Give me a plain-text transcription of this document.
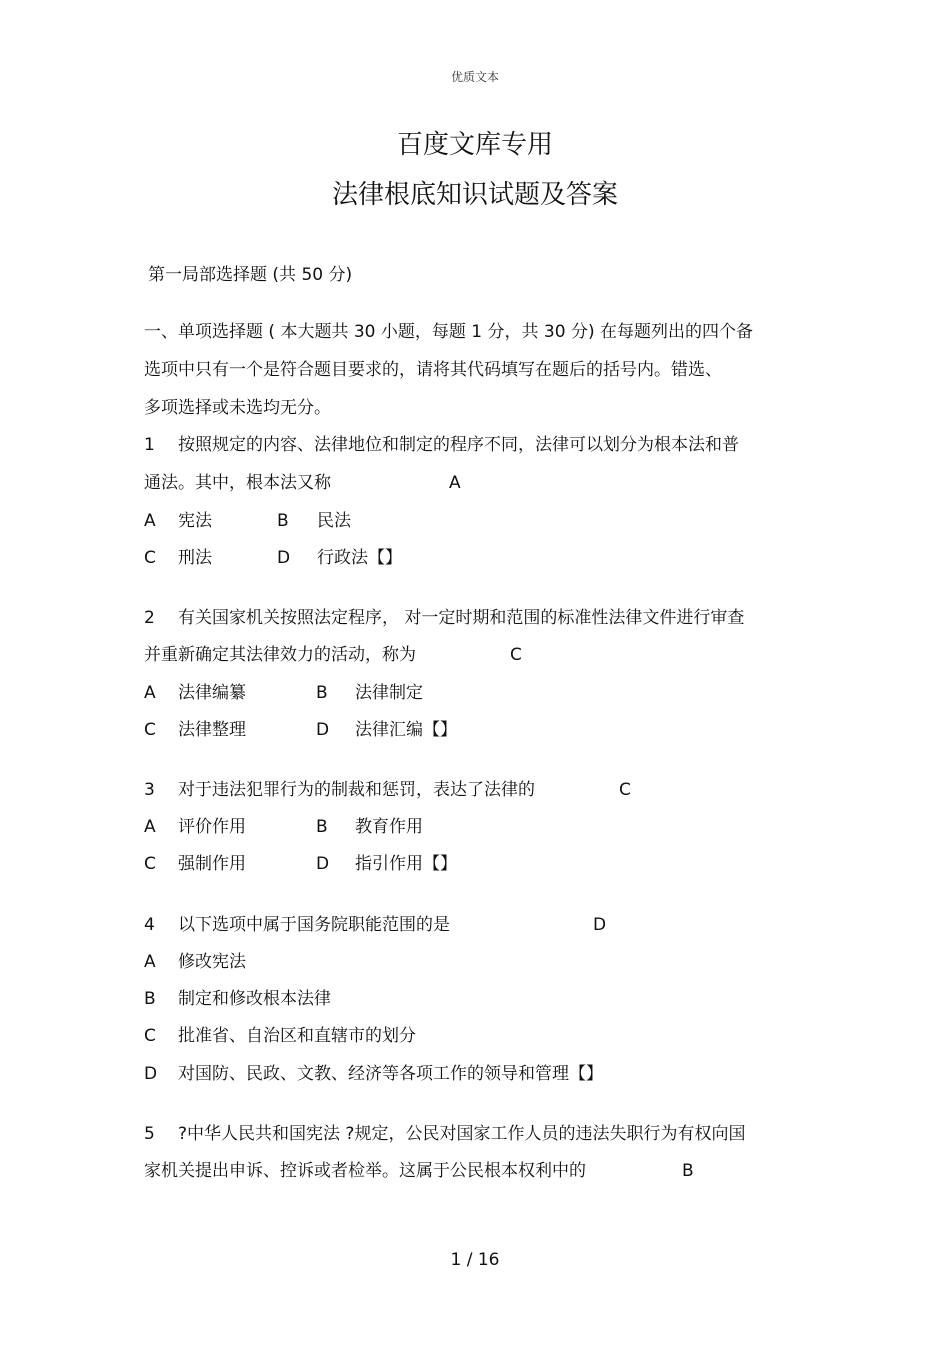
优质文本
百度文库专用
法律根底知识试题及答案
第一局部选择题 (共 50 分)
一、单项选择题 ( 本大题共 30 小题，每题 1 分，共 30 分) 在每题列出的四个备
选项中只有一个是符合题目要求的，请将其代码填写在题后的括号内。错选、
多项选择或未选均无分。
1 按照规定的内容、法律地位和制定的程序不同，法律可以划分为根本法和普
通法。其中，根本法又称	A
A 宪法	B 民法
C 刑法	D 行政法【】
2 有关国家机关按照法定程序， 对一定时期和范围的标准性法律文件进行审查
并重新确定其法律效力的活动，称为	C
A 法律编纂	B 法律制定
C 法律整理	D 法律汇编【】
3 对于违法犯罪行为的制裁和惩罚，表达了法律的	C
A 评价作用	B 教育作用
C 强制作用	D 指引作用【】
4 以下选项中属于国务院职能范围的是	D
A 修改宪法
B 制定和修改根本法律
C 批准省、自治区和直辖市的划分
D 对国防、民政、文教、经济等各项工作的领导和管理【】
5 ?中华人民共和国宪法 ?规定，公民对国家工作人员的违法失职行为有权向国
家机关提出申诉、控诉或者检举。这属于公民根本权利中的	B
1 / 16
